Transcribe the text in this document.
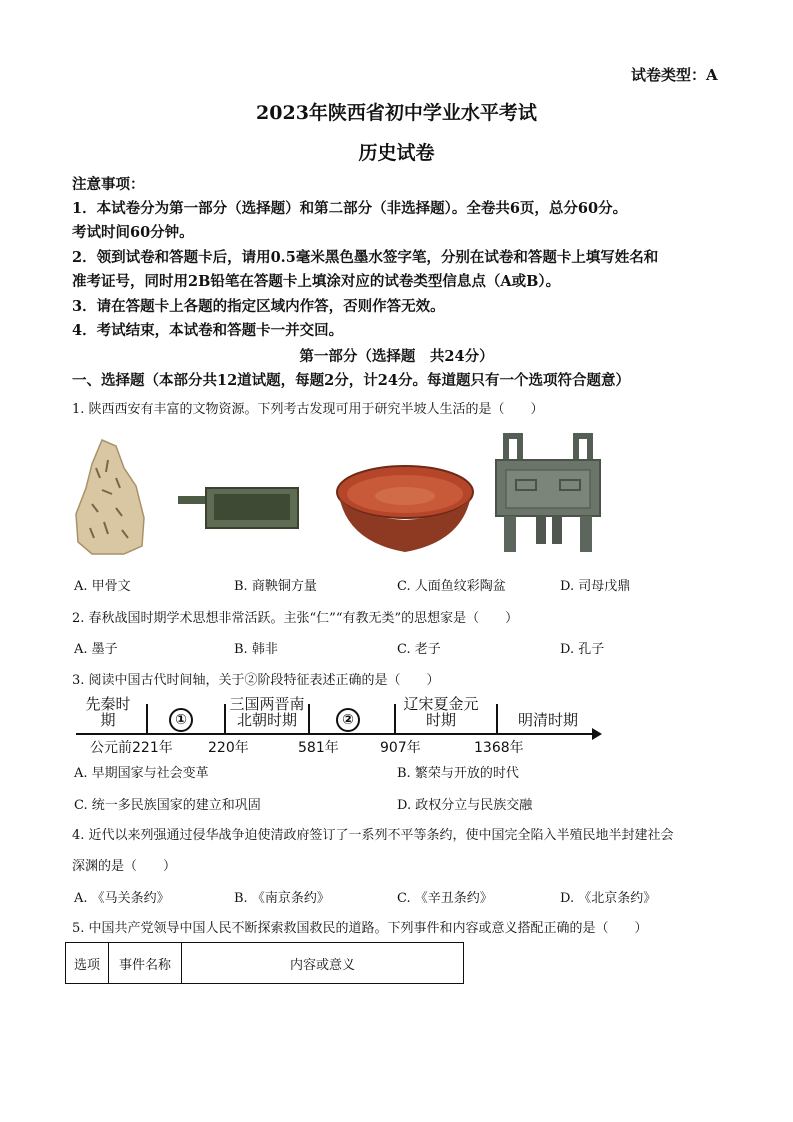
试卷类型：A
2023年陕西省初中学业水平考试
历史试卷
注意事项：
1．本试卷分为第一部分（选择题）和第二部分（非选择题）。全卷共6页，总分60分。
考试时间60分钟。
2．领到试卷和答题卡后，请用0.5毫米黑色墨水签字笔，分别在试卷和答题卡上填写姓名和
准考证号，同时用2B铅笔在答题卡上填涂对应的试卷类型信息点（A或B）。
3．请在答题卡上各题的指定区域内作答，否则作答无效。
4．考试结束，本试卷和答题卡一并交回。
第一部分（选择题　共24分）
一、选择题（本部分共12道试题，每题2分，计24分。每道题只有一个选项符合题意）
1. 陕西西安有丰富的文物资源。下列考古发现可用于研究半坡人生活的是（　　）
A. 甲骨文	B. 商鞅铜方量	C. 人面鱼纹彩陶盆	D. 司母戊鼎
2. 春秋战国时期学术思想非常活跃。主张“仁”“有教无类”的思想家是（　　）
A. 墨子	B. 韩非	C. 老子	D. 孔子
3. 阅读中国古代时间轴，关于②阶段特征表述正确的是（　　）
先秦时期	①
三国两晋南北朝时期	②
辽宋夏金元时期	明清时期
公元前221年	220年	581年	907年	1368年
A. 早期国家与社会变革	B. 繁荣与开放的时代
C. 统一多民族国家的建立和巩固	D. 政权分立与民族交融
4. 近代以来列强通过侵华战争迫使清政府签订了一系列不平等条约，使中国完全陷入半殖民地半封建社会
深渊的是（　　）
A. 《马关条约》	B. 《南京条约》	C. 《辛丑条约》	D. 《北京条约》
5. 中国共产党领导中国人民不断探索救国救民的道路。下列事件和内容或意义搭配正确的是（　　）
选项	事件名称	内容或意义
